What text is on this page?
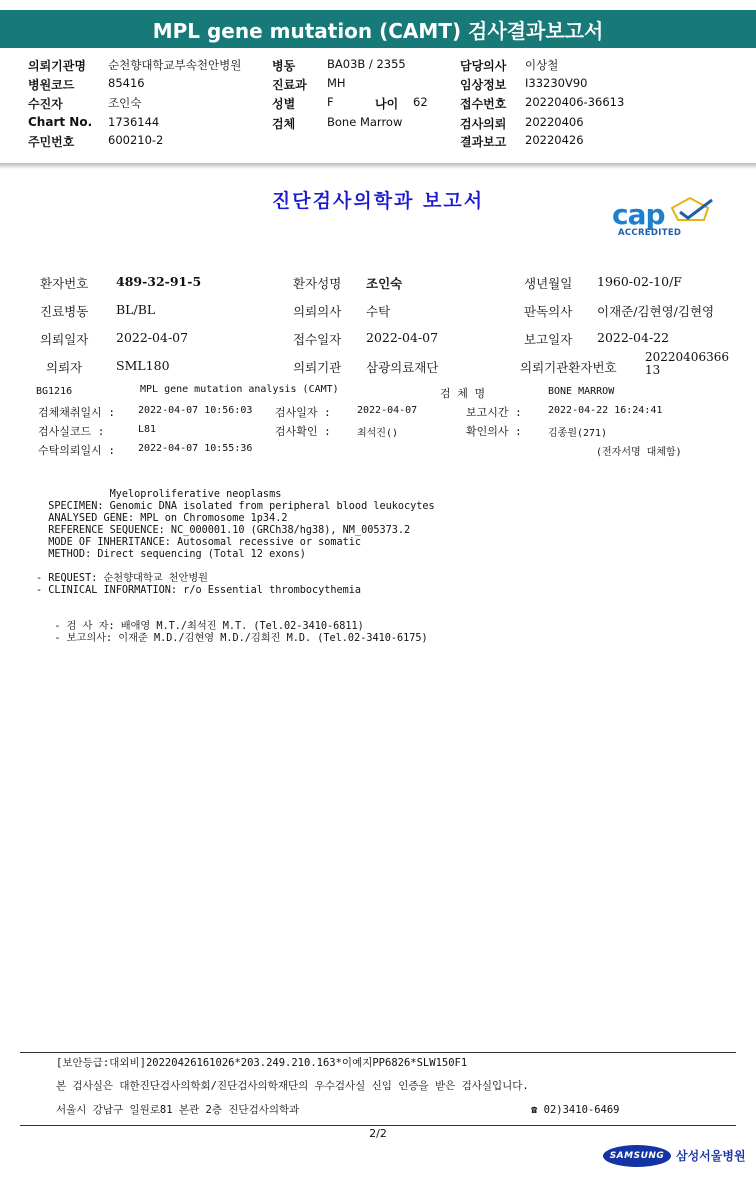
MPL gene mutation (CAMT) 검사결과보고서
의뢰기관명 순천향대학교부속천안병원
병원코드	85416
수진자	조인숙
Chart No. 1736144
주민번호	600210-2
병동	BA03B / 2355
진료과 MH
성별	F	나이 62
검체	Bone Marrow
담당의사 이상철
임상정보 I33230V90
접수번호 20220406-36613
검사의뢰 20220406
결과보고 20220426
진단검사의학과 보고서	cap
ACCREDITED
환자번호 489-32-91-5	환자성명 조인숙	생년월일 1960-02-10/F
진료병동 BL/BL	의뢰의사 수탁	판독의사 이재준/김현영/김현영
의뢰일자 2022-04-07	접수일자 2022-04-07	보고일자 2022-04-22
의뢰자	SML180	의뢰기관 삼광의료재단	의뢰기관환자번호
2022040636613
BG1216	MPL gene mutation analysis (CAMT)	검 체 명	BONE MARROW
검체채취일시 : 2022-04-07 10:56:03 검사일자 :	2022-04-07	보고시간 :	2022-04-22 16:24:41
검사실코드 :	L81	검사확인 :	최석진()	확인의사 :	김종원(271)
수탁의뢰일시 : 2022-04-07 10:55:36	(전자서명 대체함)
Myeloproliferative neoplasms
SPECIMEN: Genomic DNA isolated from peripheral blood leukocytes
ANALYSED GENE: MPL on Chromosome 1p34.2
REFERENCE SEQUENCE: NC_000001.10 (GRCh38/hg38), NM_005373.2
MODE OF INHERITANCE: Autosomal recessive or somatic
METHOD: Direct sequencing (Total 12 exons)
- REQUEST: 순천향대학교 천안병원
- CLINICAL INFORMATION: r/o Essential thrombocythemia
- 검 사 자: 배애영 M.T./최석진 M.T. (Tel.02-3410-6811)
- 보고의사: 이재준 M.D./김현영 M.D./김희진 M.D. (Tel.02-3410-6175)
[보안등급:대외비]20220426161026*203.249.210.163*이예지PP6826*SLW150F1
본 검사실은 대한진단검사의학회/진단검사의학재단의 우수검사실 신임 인증을 받은 검사실입니다.
서울시 강남구 일원로81 본관 2층 진단검사의학과	☎ 02)3410-6469
2/2
SAMSUNG 삼성서울병원
